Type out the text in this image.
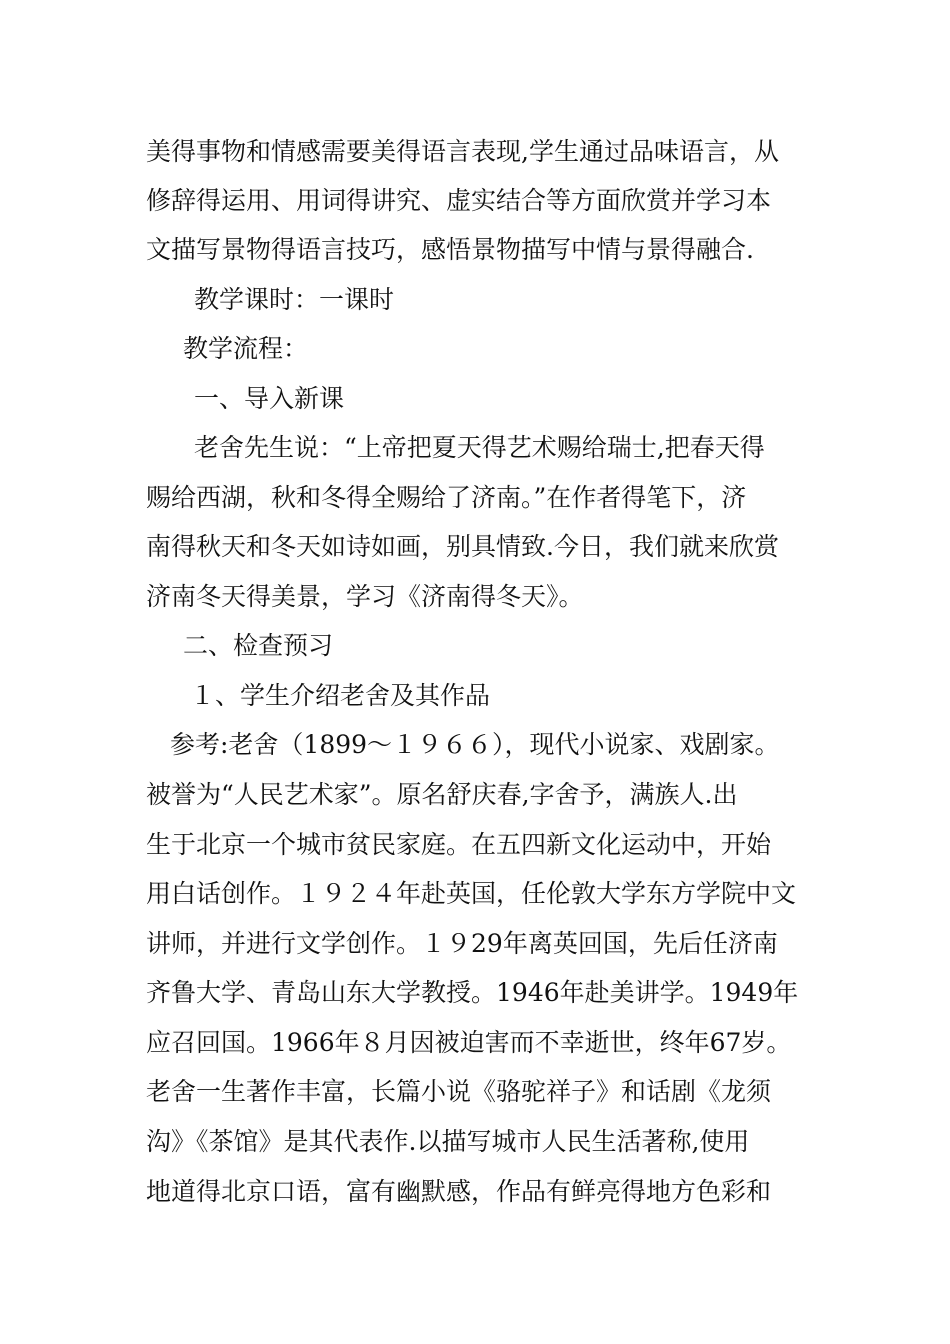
美得事物和情感需要美得语言表现,学生通过品味语言，从
修辞得运用、用词得讲究、虚实结合等方面欣赏并学习本
文描写景物得语言技巧，感悟景物描写中情与景得融合.
教学课时：一课时
教学流程：
一、导入新课
老舍先生说：“上帝把夏天得艺术赐给瑞士,把春天得
赐给西湖，秋和冬得全赐给了济南。”在作者得笔下，济
南得秋天和冬天如诗如画，别具情致.今日，我们就来欣赏
济南冬天得美景，学习《济南得冬天》。
二、检查预习
１、学生介绍老舍及其作品
参考:老舍（1899～１９６６），现代小说家、戏剧家。
被誉为“人民艺术家”。原名舒庆春,字舍予，满族人.出
生于北京一个城市贫民家庭。在五四新文化运动中，开始
用白话创作。１９２４年赴英国，任伦敦大学东方学院中文
讲师，并进行文学创作。１９29年离英回国，先后任济南
齐鲁大学、青岛山东大学教授。1946年赴美讲学。1949年
应召回国。1966年８月因被迫害而不幸逝世，终年67岁。
老舍一生著作丰富，长篇小说《骆驼祥子》和话剧《龙须
沟》《茶馆》是其代表作.以描写城市人民生活著称,使用
地道得北京口语，富有幽默感，作品有鲜亮得地方色彩和
